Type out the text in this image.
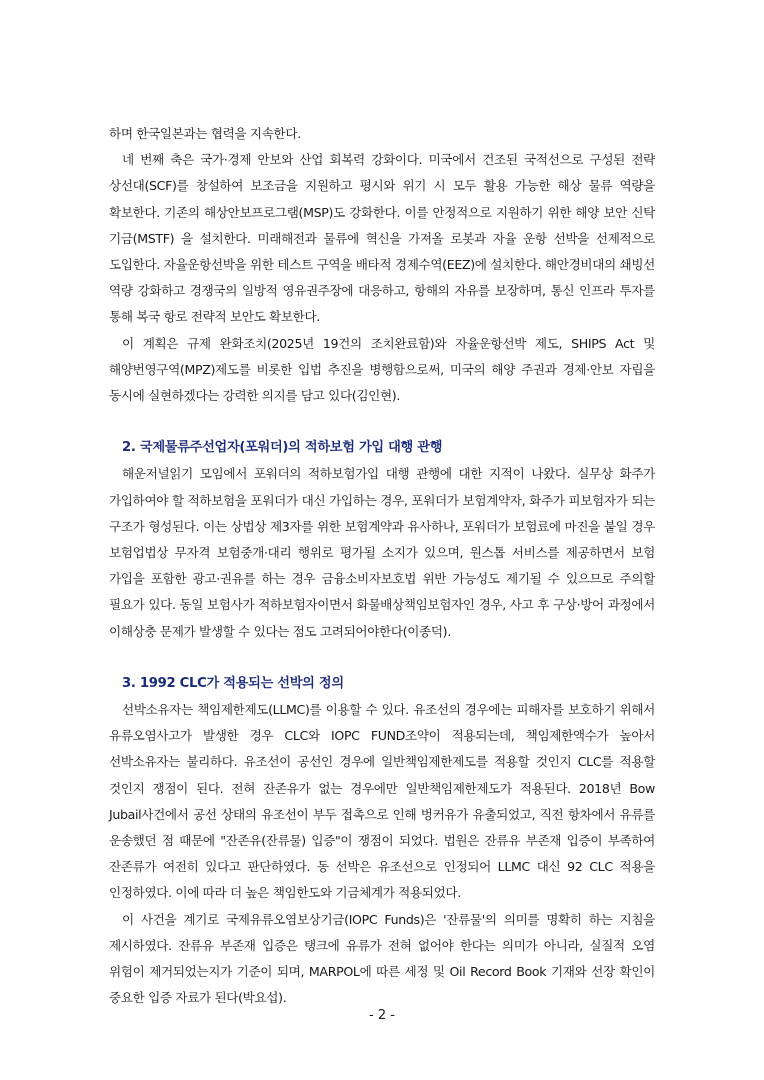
하며 한국일본과는 협력을 지속한다.

네 번째 축은 국가·경제 안보와 산업 회복력 강화이다. 미국에서 건조된 국적선으로 구성된 전략 상선대(SCF)를 창설하여 보조금을 지원하고 평시와 위기 시 모두 활용 가능한 해상 물류 역량을 확보한다. 기존의 해상안보프로그램(MSP)도 강화한다. 이를 안정적으로 지원하기 위한 해양 보안 신탁 기금(MSTF) 을 설치한다. 미래해전과 물류에 혁신을 가져올 로봇과 자율 운항 선박을 선제적으로 도입한다. 자율운항선박을 위한 테스트 구역을 배타적 경제수역(EEZ)에 설치한다. 해안경비대의 쇄빙선 역량 강화하고 경쟁국의 일방적 영유권주장에 대응하고, 항해의 자유를 보장하며, 통신 인프라 투자를 통해 복국 항로 전략적 보안도 확보한다.

이 계획은 규제 완화조치(2025년 19건의 조치완료함)와 자율운항선박 제도, SHIPS Act 및 해양번영구역(MPZ)제도를 비롯한 입법 추진을 병행함으로써, 미국의 해양 주권과 경제·안보 자립을 동시에 실현하겠다는 강력한 의지를 담고 있다(김인현).

2. 국제물류주선업자(포워더)의 적하보험 가입 대행 관행

해운저널읽기 모임에서 포워더의 적하보험가입 대행 관행에 대한 지적이 나왔다. 실무상 화주가 가입하여야 할 적하보험을 포워더가 대신 가입하는 경우, 포워더가 보험계약자, 화주가 피보험자가 되는 구조가 형성된다. 이는 상법상 제3자를 위한 보험계약과 유사하나, 포워더가 보험료에 마진을 붙일 경우 보험업법상 무자격 보험중개·대리 행위로 평가될 소지가 있으며, 원스톱 서비스를 제공하면서 보험 가입을 포함한 광고·권유를 하는 경우 금융소비자보호법 위반 가능성도 제기될 수 있으므로 주의할 필요가 있다. 동일 보험사가 적하보험자이면서 화물배상책임보험자인 경우, 사고 후 구상·방어 과정에서 이해상충 문제가 발생할 수 있다는 점도 고려되어야한다(이종덕).

3. 1992 CLC가 적용되는 선박의 정의

선박소유자는 책임제한제도(LLMC)를 이용할 수 있다. 유조선의 경우에는 피해자를 보호하기 위해서 유류오염사고가 발생한 경우 CLC와 IOPC FUND조약이 적용되는데, 책임제한액수가 높아서 선박소유자는 불리하다. 유조선이 공선인 경우에 일반책임제한제도를 적용할 것인지 CLC를 적용할 것인지 쟁점이 된다. 전혀 잔존유가 없는 경우에만 일반책임제한제도가 적용된다. 2018년 Bow Jubail사건에서 공선 상태의 유조선이 부두 접촉으로 인해 벙커유가 유출되었고, 직전 항차에서 유류를 운송했던 점 때문에 "잔존유(잔류물) 입증"이 쟁점이 되었다. 법원은 잔류유 부존재 입증이 부족하여 잔존류가 여전히 있다고 판단하였다. 동 선박은 유조선으로 인정되어 LLMC 대신 92 CLC 적용을 인정하였다. 이에 따라 더 높은 책임한도와 기금체계가 적용되었다.

이 사건을 계기로 국제유류오염보상기금(IOPC Funds)은 '잔류물'의 의미를 명확히 하는 지침을 제시하였다. 잔류유 부존재 입증은 탱크에 유류가 전혀 없어야 한다는 의미가 아니라, 실질적 오염 위험이 제거되었는지가 기준이 되며, MARPOL에 따른 세정 및 Oil Record Book 기재와 선장 확인이 중요한 입증 자료가 된다(박요섭).

- 2 -
